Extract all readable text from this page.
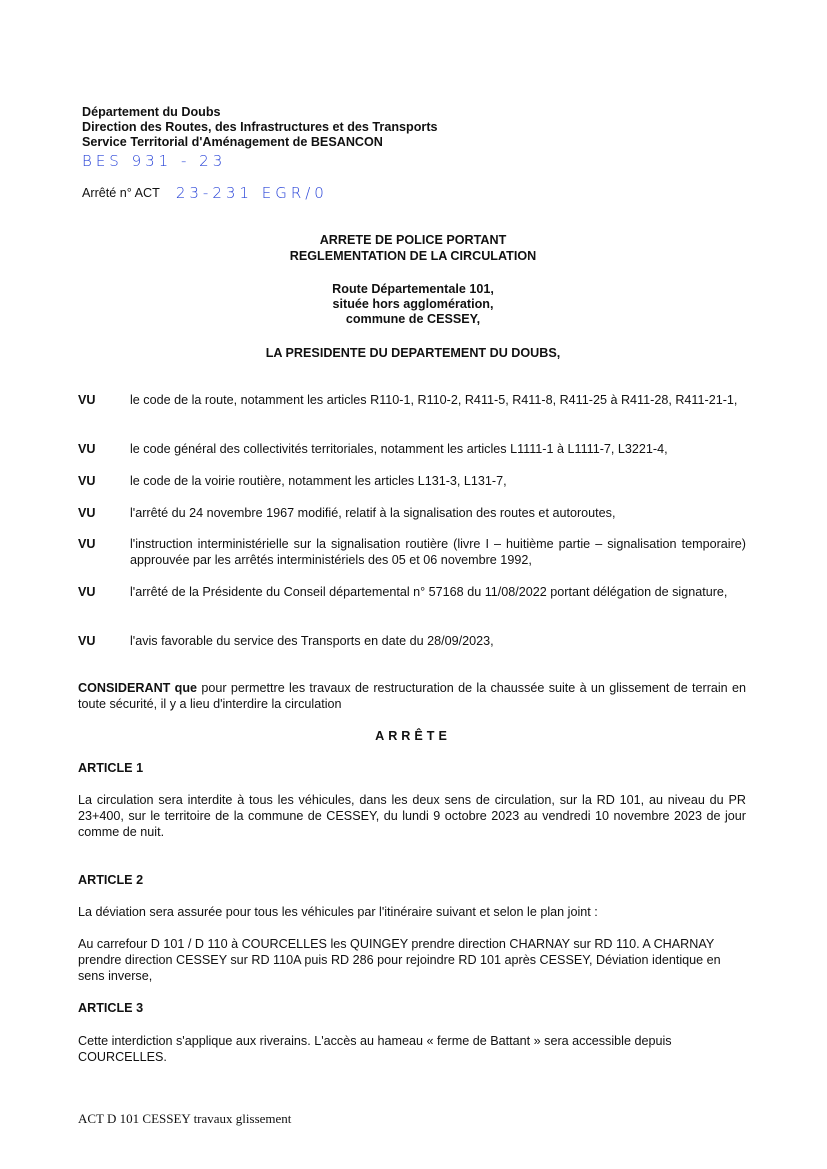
Département du Doubs
Direction des Routes, des Infrastructures et des Transports
Service Territorial d'Aménagement de BESANCON
BES 931 - 23
Arrêté n° ACT 23-231 EGR/0
ARRETE DE POLICE PORTANT
REGLEMENTATION DE LA CIRCULATION
Route Départementale 101,
située hors agglomération,
commune de CESSEY,
LA PRESIDENTE DU DEPARTEMENT DU DOUBS,
VU	le code de la route, notamment les articles R110-1, R110-2, R411-5, R411-8, R411-25 à R411-28, R411-21-1,
VU	le code général des collectivités territoriales, notamment les articles L1111-1 à L1111-7, L3221-4,
VU	le code de la voirie routière, notamment les articles L131-3, L131-7,
VU	l'arrêté du 24 novembre 1967 modifié, relatif à la signalisation des routes et autoroutes,
VU	l'instruction interministérielle sur la signalisation routière (livre I – huitième partie – signalisation temporaire) approuvée par les arrêtés interministériels des 05 et 06 novembre 1992,
VU	l'arrêté de la Présidente du Conseil départemental n° 57168 du 11/08/2022 portant délégation de signature,
VU	l'avis favorable du service des Transports en date du 28/09/2023,
CONSIDERANT que pour permettre les travaux de restructuration de la chaussée suite à un glissement de terrain en toute sécurité, il y a lieu d'interdire la circulation
ARRÊTE
ARTICLE 1
La circulation sera interdite à tous les véhicules, dans les deux sens de circulation, sur la RD 101, au niveau du PR 23+400, sur le territoire de la commune de CESSEY, du lundi 9 octobre 2023 au vendredi 10 novembre 2023 de jour comme de nuit.
ARTICLE 2
La déviation sera assurée pour tous les véhicules par l'itinéraire suivant et selon le plan joint :
Au carrefour D 101 / D 110 à COURCELLES les QUINGEY prendre direction CHARNAY sur RD 110. A CHARNAY prendre direction CESSEY sur RD 110A puis RD 286 pour rejoindre RD 101 après CESSEY, Déviation identique en sens inverse,
ARTICLE 3
Cette interdiction s'applique aux riverains. L'accès au hameau « ferme de Battant » sera accessible depuis COURCELLES.
ACT D 101 CESSEY travaux glissement
